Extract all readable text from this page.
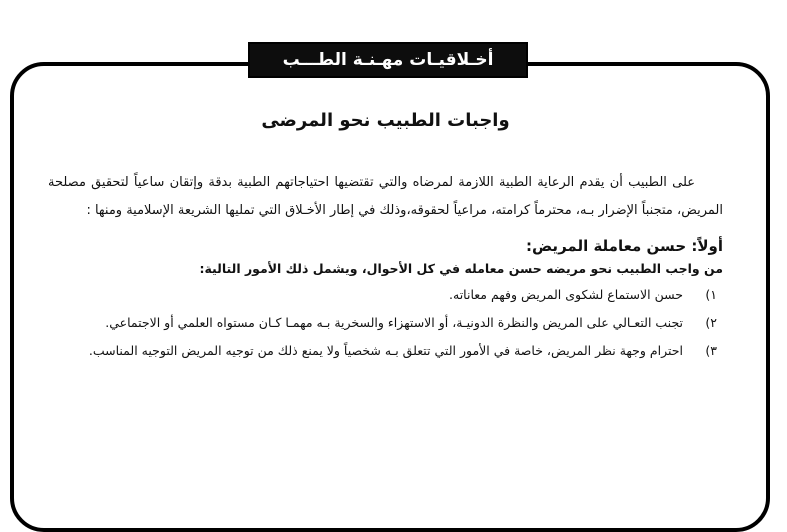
أخـلاقيـات مهـنـة الطـــب
واجبات الطبيب نحو المرضى

على الطبيب أن يقدم الرعاية الطبية اللازمة لمرضاه والتي تقتضيها احتياجاتهم الطبية بدقة وإتقان ساعياً لتحقيق مصلحة المريض، متجنباً الإضرار بـه، محترماً كرامته، مراعياً لحقوقه،وذلك في إطار الأخـلاق التي تمليها الشريعة الإسلامية ومنها :

أولاً: حسن معاملة المريض:
من واجب الطبيب نحو مريضه حسن معامله في كل الأحوال، ويشمل ذلك الأمور التالية:
١)
حسن الاستماع لشكوى المريض وفهم معاناته.
٢)
تجنب التعـالي على المريض والنظرة الدونيـة، أو الاستهزاء والسخرية بـه مهمـا كـان مستواه العلمي أو الاجتماعي.
٣)
احترام وجهة نظر المريض، خاصة في الأمور التي تتعلق بـه شخصياً ولا يمنع ذلك من توجيه المريض التوجيه المناسب.
